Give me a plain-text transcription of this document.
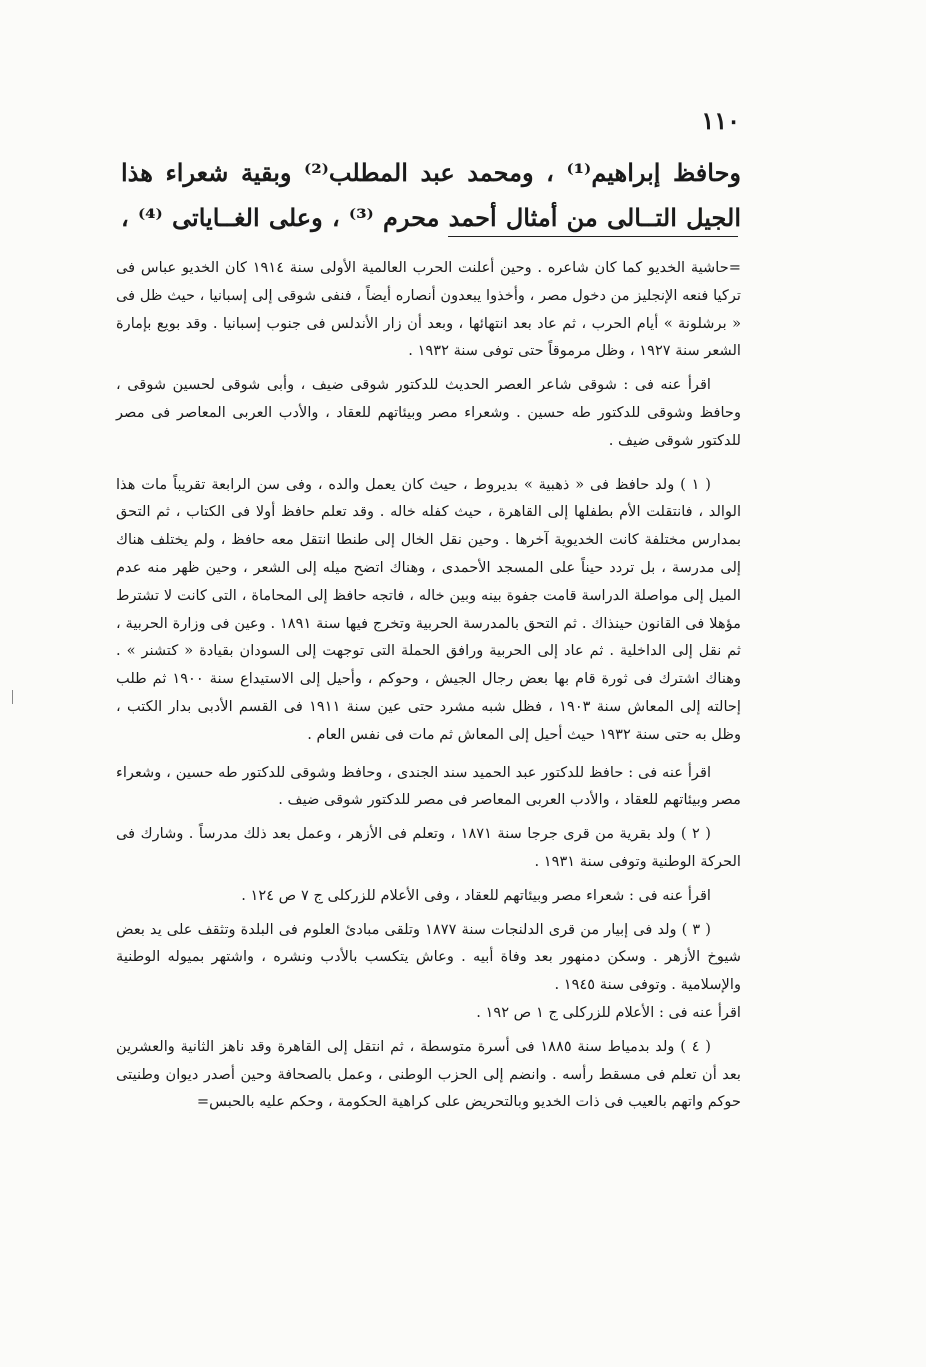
١١٠
وحافظ إبراهيم⁽¹⁾ ، ومحمد عبد المطلب⁽²⁾ وبقية شعراء هذا
الجيل التــالى من أمثال أحمد محرم ⁽³⁾ ، وعلى الغــاياتى ⁽⁴⁾ ،

=حاشية الخديو كما كان شاعره . وحين أعلنت الحرب العالمية الأولى سنة ١٩١٤ كان الخديو عباس فى تركيا فنعه الإنجليز من دخول مصر ، وأخذوا يبعدون أنصاره أيضاً ، فنفى شوقى إلى إسبانيا ، حيث ظل فى « برشلونة » أيام الحرب ، ثم عاد بعد انتهائها ، وبعد أن زار الأندلس فى جنوب إسبانيا . وقد بويع بإمارة الشعر سنة ١٩٢٧ ، وظل مرموقاً حتى توفى سنة ١٩٣٢ .

اقرأ عنه فى : شوقى شاعر العصر الحديث للدكتور شوقى ضيف ، وأبى شوقى لحسين شوقى ، وحافظ وشوقى للدكتور طه حسين . وشعراء مصر وبيئاتهم للعقاد ، والأدب العربى المعاصر فى مصر للدكتور شوقى ضيف .

( ١ ) ولد حافظ فى « ذهبية » بديروط ، حيث كان يعمل والده ، وفى سن الرابعة تقريباً مات هذا الوالد ، فانتقلت الأم بطفلها إلى القاهرة ، حيث كفله خاله . وقد تعلم حافظ أولا فى الكتاب ، ثم التحق بمدارس مختلفة كانت الخديوية آخرها . وحين نقل الخال إلى طنطا انتقل معه حافظ ، ولم يختلف هناك إلى مدرسة ، بل تردد حيناً على المسجد الأحمدى ، وهناك اتضح ميله إلى الشعر ، وحين ظهر منه عدم الميل إلى مواصلة الدراسة قامت جفوة بينه وبين خاله ، فاتجه حافظ إلى المحاماة ، التى كانت لا تشترط مؤهلا فى القانون حينذاك . ثم التحق بالمدرسة الحربية وتخرج فيها سنة ١٨٩١ . وعين فى وزارة الحربية ، ثم نقل إلى الداخلية . ثم عاد إلى الحربية ورافق الحملة التى توجهت إلى السودان بقيادة « كتشنر » . وهناك اشترك فى ثورة قام بها بعض رجال الجيش ، وحوكم ، وأحيل إلى الاستيداع سنة ١٩٠٠ ثم طلب إحالته إلى المعاش سنة ١٩٠٣ ، فظل شبه مشرد حتى عين سنة ١٩١١ فى القسم الأدبى بدار الكتب ، وظل به حتى سنة ١٩٣٢ حيث أحيل إلى المعاش ثم مات فى نفس العام .

اقرأ عنه فى : حافظ للدكتور عبد الحميد سند الجندى ، وحافظ وشوقى للدكتور طه حسين ، وشعراء مصر وبيئاتهم للعقاد ، والأدب العربى المعاصر فى مصر للدكتور شوقى ضيف .

( ٢ ) ولد بقرية من قرى جرجا سنة ١٨٧١ ، وتعلم فى الأزهر ، وعمل بعد ذلك مدرساً . وشارك فى الحركة الوطنية وتوفى سنة ١٩٣١ .

اقرأ عنه فى : شعراء مصر وبيئاتهم للعقاد ، وفى الأعلام للزركلى ج ٧ ص ١٢٤ .

( ٣ ) ولد فى إبيار من قرى الدلنجات سنة ١٨٧٧ وتلقى مبادئ العلوم فى البلدة وتثقف على يد بعض شيوخ الأزهر . وسكن دمنهور بعد وفاة أبيه . وعاش يتكسب بالأدب ونشره ، واشتهر بميوله الوطنية والإسلامية . وتوفى سنة ١٩٤٥ .

اقرأ عنه فى : الأعلام للزركلى ج ١ ص ١٩٢ .

( ٤ ) ولد بدمياط سنة ١٨٨٥ فى أسرة متوسطة ، ثم انتقل إلى القاهرة وقد ناهز الثانية والعشرين بعد أن تعلم فى مسقط رأسه . وانضم إلى الحزب الوطنى ، وعمل بالصحافة وحين أصدر ديوان وطنيتى حوكم واتهم بالعيب فى ذات الخديو وبالتحريض على كراهية الحكومة ، وحكم عليه بالحبس=
